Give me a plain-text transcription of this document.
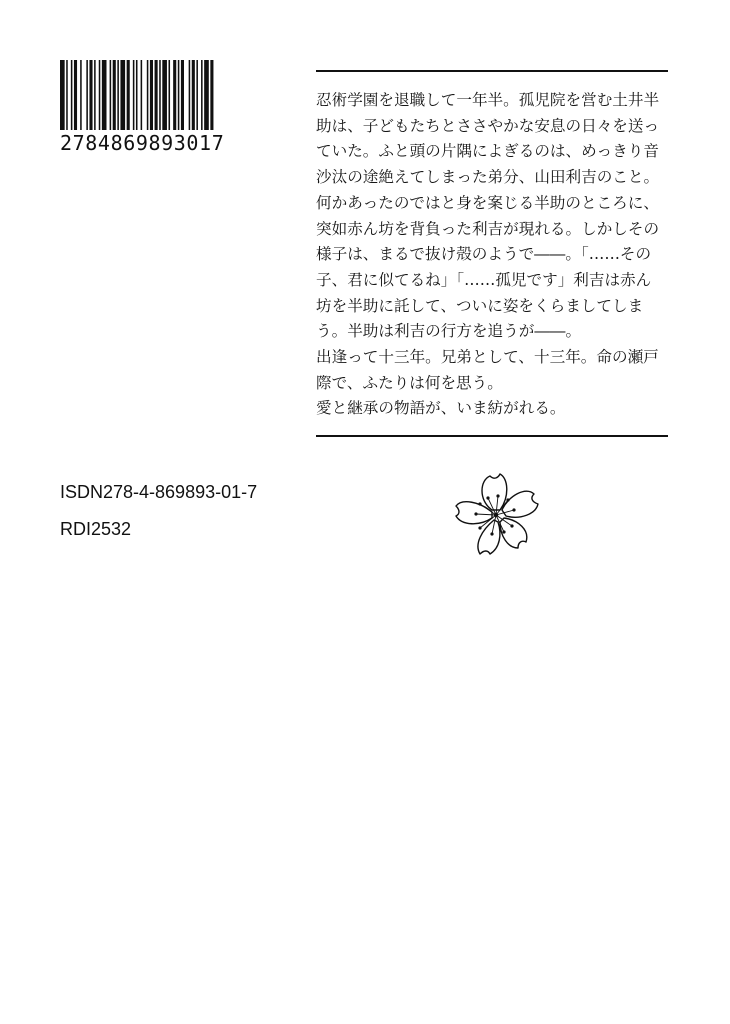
2784869893017

忍術学園を退職して一年半。孤児院を営む土井半

助は、子どもたちとささやかな安息の日々を送っ

ていた。ふと頭の片隅によぎるのは、めっきり音

沙汰の途絶えてしまった弟分、山田利吉のこと。

何かあったのではと身を案じる半助のところに、

突如赤ん坊を背負った利吉が現れる。しかしその

様子は、まるで抜け殻のようで――。「……その

子、君に似てるね」「……孤児です」利吉は赤ん

坊を半助に託して、ついに姿をくらましてしま

う。半助は利吉の行方を追うが――。

出逢って十三年。兄弟として、十三年。命の瀬戸

際で、ふたりは何を思う。

愛と継承の物語が、いま紡がれる。

ISDN278-4-869893-01-7
RDI2532
